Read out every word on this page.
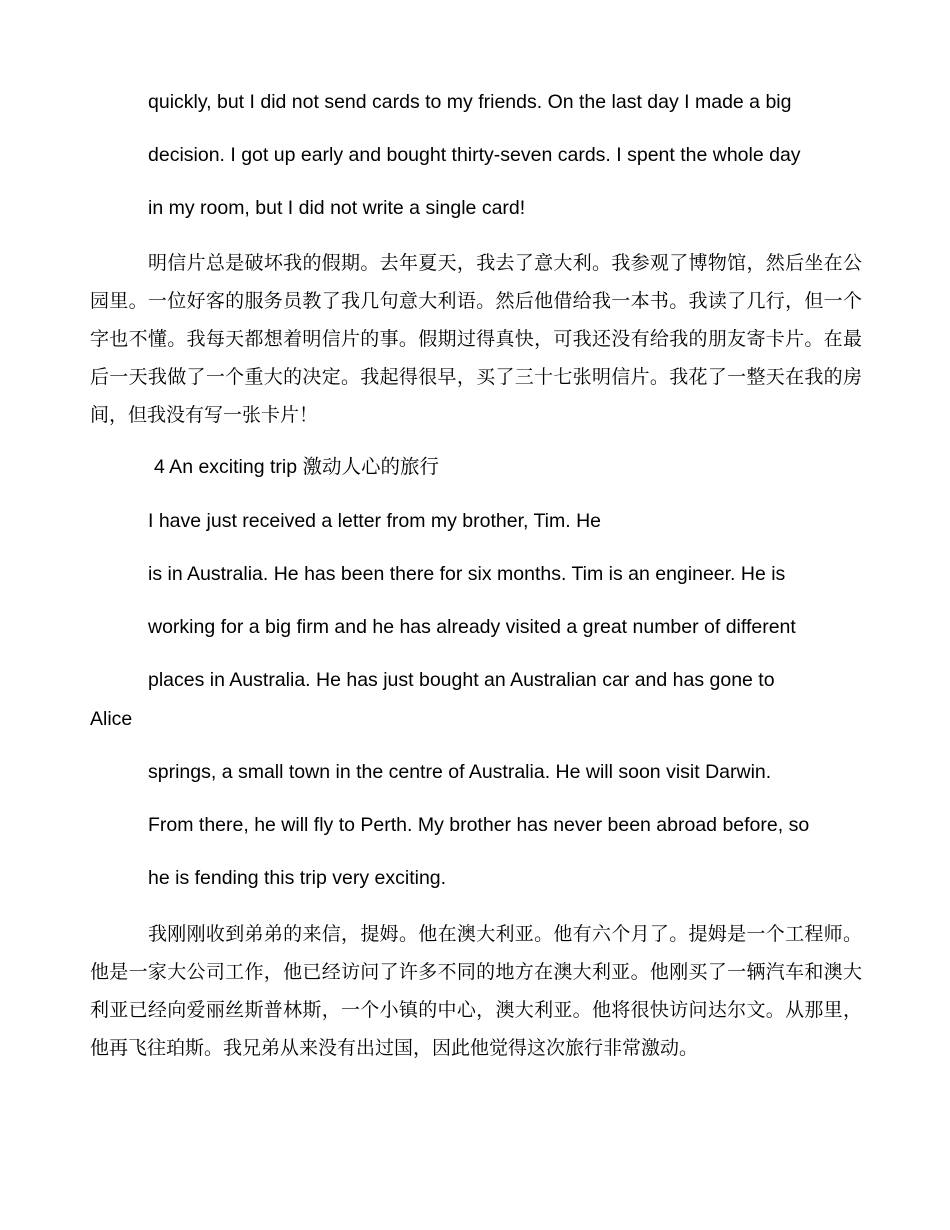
quickly, but I did not send cards to my friends. On the last day I made a big
decision. I got up early and bought thirty-seven cards. I spent the whole day
in my room, but I did not write a single card!
明信片总是破坏我的假期。去年夏天，我去了意大利。我参观了博物馆，然后坐在公园里。一位好客的服务员教了我几句意大利语。然后他借给我一本书。我读了几行，但一个字也不懂。我每天都想着明信片的事。假期过得真快，可我还没有给我的朋友寄卡片。在最后一天我做了一个重大的决定。我起得很早，买了三十七张明信片。我花了一整天在我的房间，但我没有写一张卡片！
4 An exciting trip 激动人心的旅行
I have just received a letter from my brother, Tim. He
is in Australia. He has been there for six months. Tim is an engineer. He is
working for a big firm and he has already visited a great number of different
places in Australia. He has just bought an Australian car and has gone to
Alice
springs, a small town in the centre of Australia. He will soon visit Darwin.
From there, he will fly to Perth. My brother has never been abroad before, so
he is fending this trip very exciting.
我刚刚收到弟弟的来信，提姆。他在澳大利亚。他有六个月了。提姆是一个工程师。他是一家大公司工作，他已经访问了许多不同的地方在澳大利亚。他刚买了一辆汽车和澳大利亚已经向爱丽丝斯普林斯，一个小镇的中心，澳大利亚。他将很快访问达尔文。从那里，他再飞往珀斯。我兄弟从来没有出过国，因此他觉得这次旅行非常激动。
